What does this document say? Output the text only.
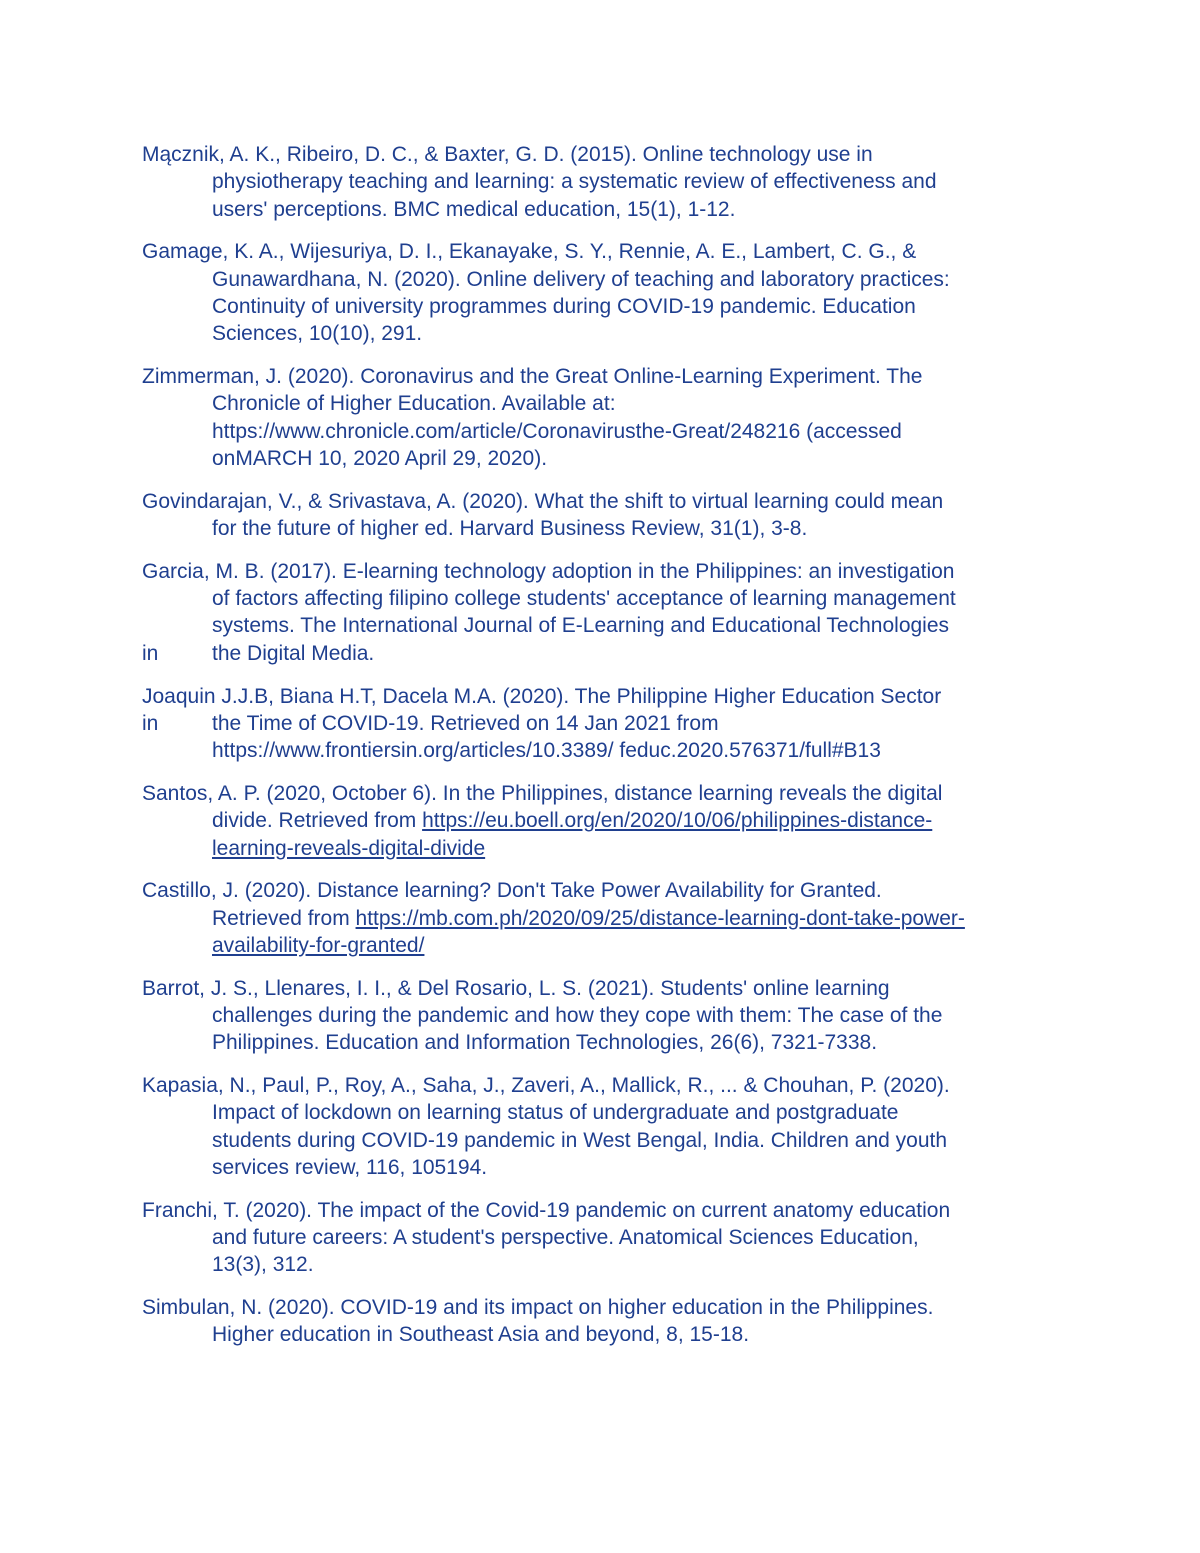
Mącznik, A. K., Ribeiro, D. C., & Baxter, G. D. (2015). Online technology use in
physiotherapy teaching and learning: a systematic review of effectiveness and
users' perceptions. BMC medical education, 15(1), 1-12.
Gamage, K. A., Wijesuriya, D. I., Ekanayake, S. Y., Rennie, A. E., Lambert, C. G., &
Gunawardhana, N. (2020). Online delivery of teaching and laboratory practices:
Continuity of university programmes during COVID-19 pandemic. Education
Sciences, 10(10), 291.
Zimmerman, J. (2020). Coronavirus and the Great Online-Learning Experiment. The
Chronicle of Higher Education. Available at:
https://www.chronicle.com/article/Coronavirusthe-Great/248216 (accessed
onMARCH 10, 2020 April 29, 2020).
Govindarajan, V., & Srivastava, A. (2020). What the shift to virtual learning could mean
for the future of higher ed. Harvard Business Review, 31(1), 3-8.
Garcia, M. B. (2017). E-learning technology adoption in the Philippines: an investigation
of factors affecting filipino college students' acceptance of learning management
systems. The International Journal of E-Learning and Educational Technologies
in	the Digital Media.
Joaquin J.J.B, Biana H.T, Dacela M.A. (2020). The Philippine Higher Education Sector
in	the Time of COVID-19. Retrieved on 14 Jan 2021 from
https://www.frontiersin.org/articles/10.3389/ feduc.2020.576371/full#B13
Santos, A. P. (2020, October 6). In the Philippines, distance learning reveals the digital
divide. Retrieved from https://eu.boell.org/en/2020/10/06/philippines-distance-
learning-reveals-digital-divide
Castillo, J. (2020). Distance learning? Don't Take Power Availability for Granted.
Retrieved from https://mb.com.ph/2020/09/25/distance-learning-dont-take-power-
availability-for-granted/
Barrot, J. S., Llenares, I. I., & Del Rosario, L. S. (2021). Students' online learning
challenges during the pandemic and how they cope with them: The case of the
Philippines. Education and Information Technologies, 26(6), 7321-7338.
Kapasia, N., Paul, P., Roy, A., Saha, J., Zaveri, A., Mallick, R., ... & Chouhan, P. (2020).
Impact of lockdown on learning status of undergraduate and postgraduate
students during COVID-19 pandemic in West Bengal, India. Children and youth
services review, 116, 105194.
Franchi, T. (2020). The impact of the Covid-19 pandemic on current anatomy education
and future careers: A student's perspective. Anatomical Sciences Education,
13(3), 312.
Simbulan, N. (2020). COVID-19 and its impact on higher education in the Philippines.
Higher education in Southeast Asia and beyond, 8, 15-18.
